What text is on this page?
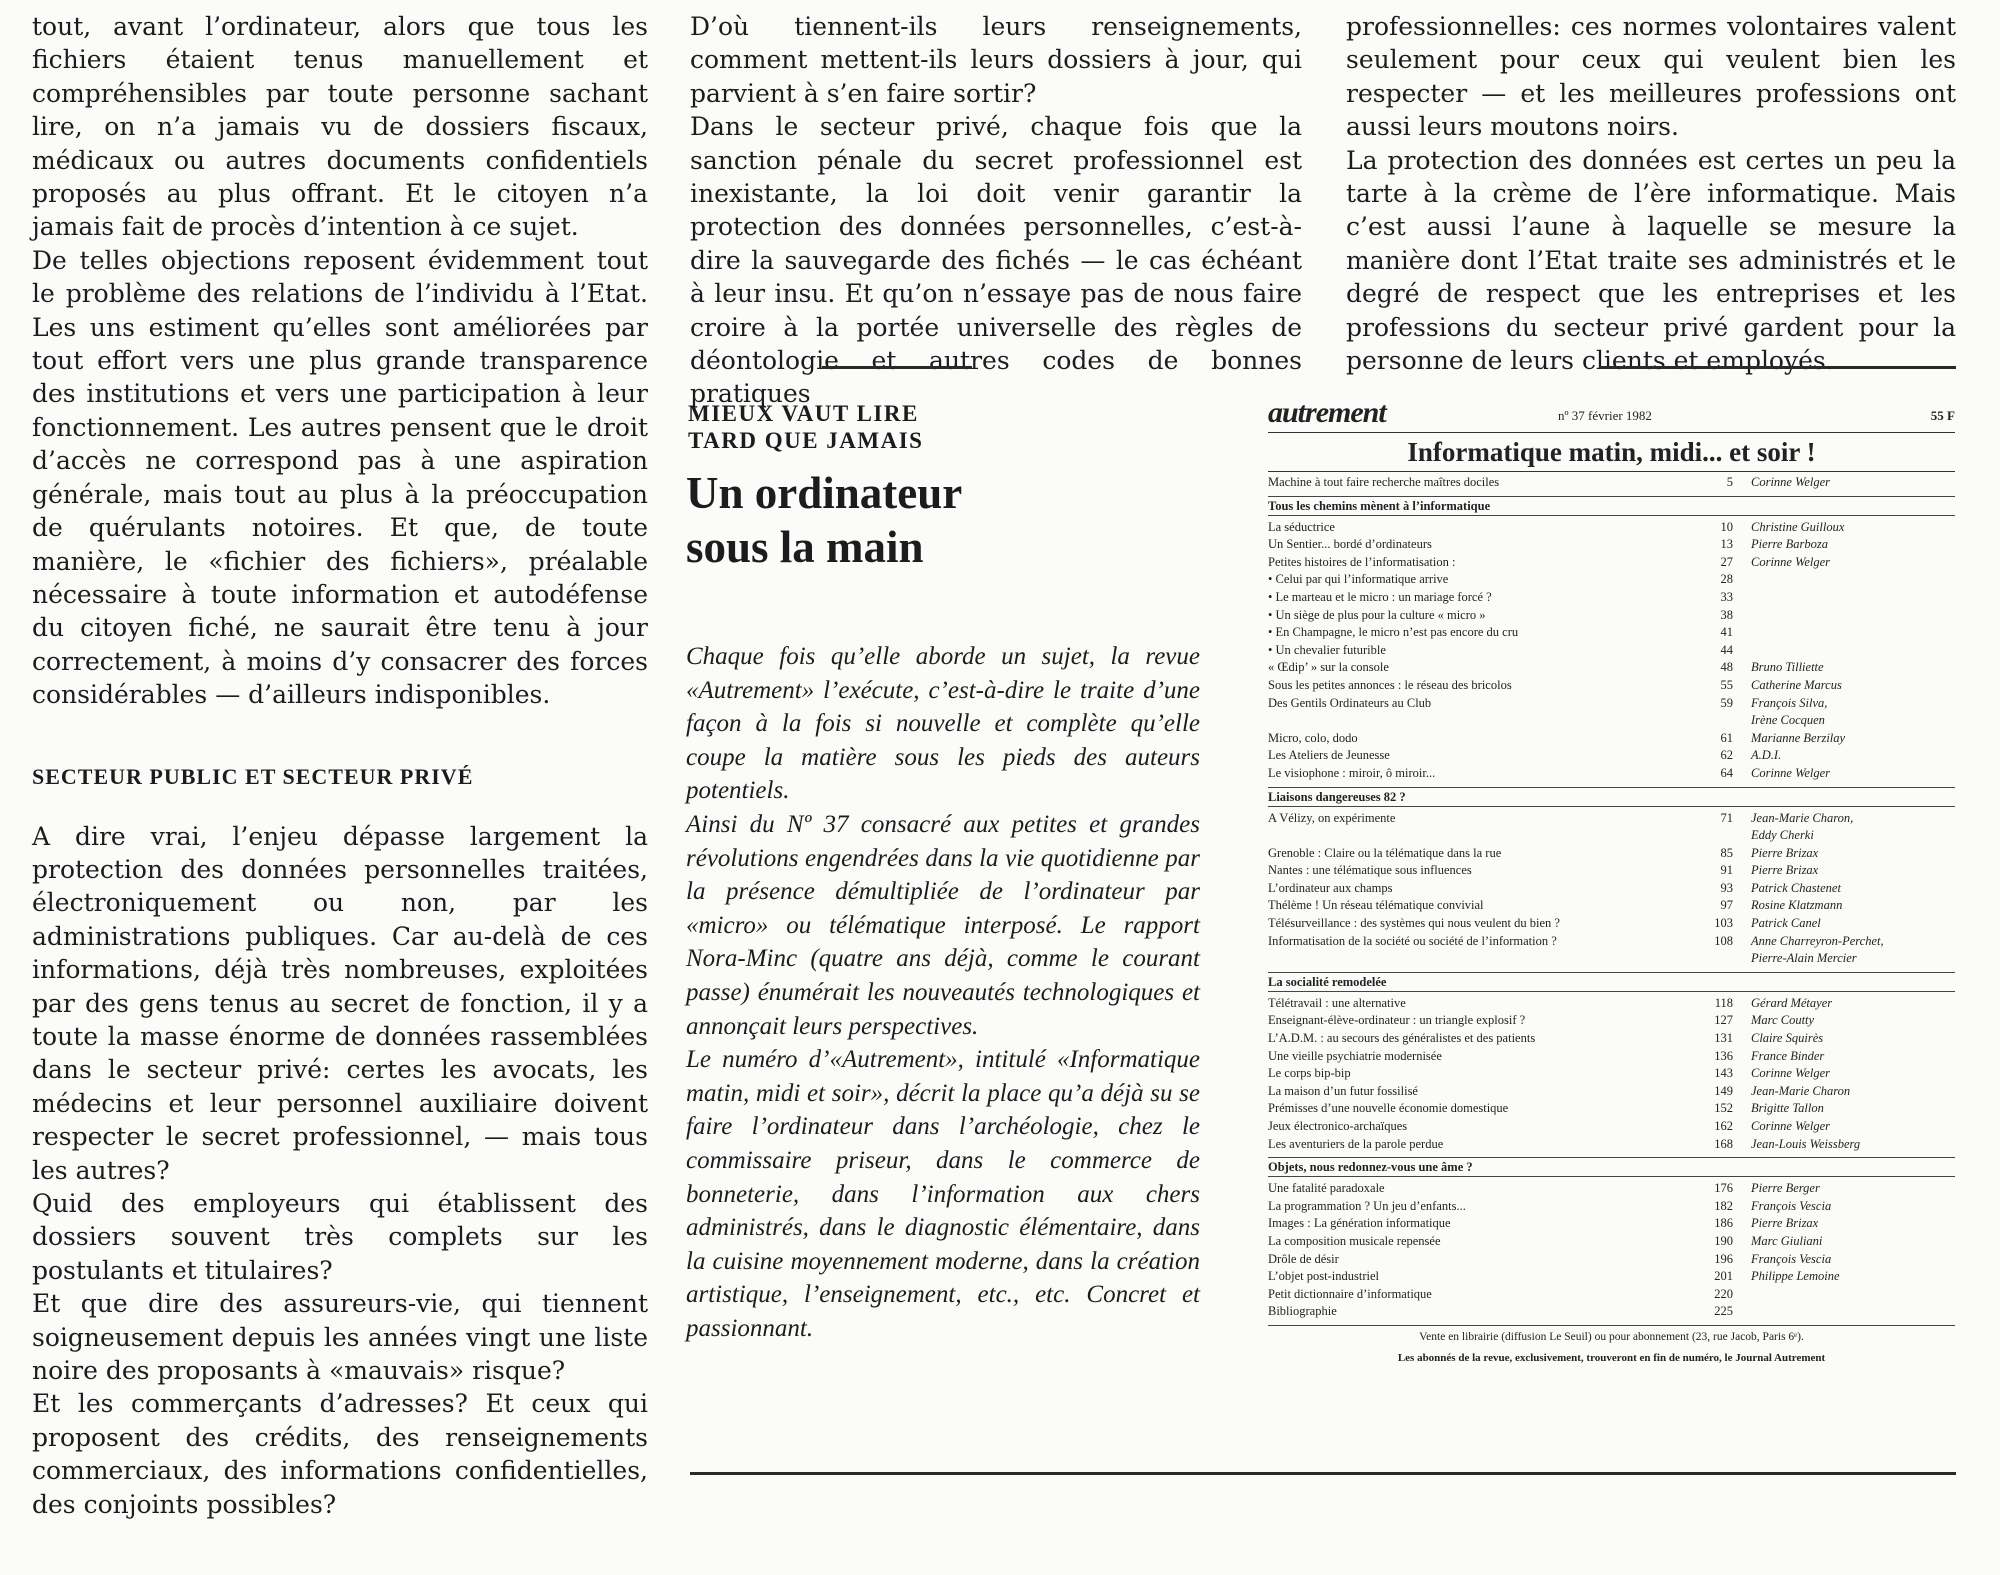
tout, avant l’ordinateur, alors que tous les fichiers étaient tenus manuellement et compréhensibles par toute personne sachant lire, on n’a jamais vu de dossiers fiscaux, médicaux ou autres documents confidentiels proposés au plus offrant. Et le citoyen n’a jamais fait de procès d’intention à ce sujet.

De telles objections reposent évidemment tout le problème des relations de l’individu à l’Etat. Les uns estiment qu’elles sont améliorées par tout effort vers une plus grande transparence des institutions et vers une participation à leur fonctionnement. Les autres pensent que le droit d’accès ne correspond pas à une aspiration générale, mais tout au plus à la préoccupation de quérulants notoires. Et que, de toute manière, le «fichier des fichiers», préalable nécessaire à toute information et autodéfense du citoyen fiché, ne saurait être tenu à jour correctement, à moins d’y consacrer des forces considérables — d’ailleurs indisponibles.

SECTEUR PUBLIC ET SECTEUR PRIVÉ

A dire vrai, l’enjeu dépasse largement la protection des données personnelles traitées, électroniquement ou non, par les administrations publiques. Car au-delà de ces informations, déjà très nombreuses, exploitées par des gens tenus au secret de fonction, il y a toute la masse énorme de données rassemblées dans le secteur privé: certes les avocats, les médecins et leur personnel auxiliaire doivent respecter le secret professionnel, — mais tous les autres?

Quid des employeurs qui établissent des dossiers souvent très complets sur les postulants et titulaires?

Et que dire des assureurs-vie, qui tiennent soigneusement depuis les années vingt une liste noire des proposants à «mauvais» risque?

Et les commerçants d’adresses? Et ceux qui proposent des crédits, des renseignements commerciaux, des informations confidentielles, des conjoints possibles?

D’où tiennent-ils leurs renseignements, comment mettent-ils leurs dossiers à jour, qui parvient à s’en faire sortir?

Dans le secteur privé, chaque fois que la sanction pénale du secret professionnel est inexistante, la loi doit venir garantir la protection des données personnelles, c’est-à-dire la sauvegarde des fichés — le cas échéant à leur insu. Et qu’on n’essaye pas de nous faire croire à la portée universelle des règles de déontologie et autres codes de bonnes pratiques

professionnelles: ces normes volontaires valent seulement pour ceux qui veulent bien les respecter — et les meilleures professions ont aussi leurs moutons noirs.

La protection des données est certes un peu la tarte à la crème de l’ère informatique. Mais c’est aussi l’aune à laquelle se mesure la manière dont l’Etat traite ses administrés et le degré de respect que les entreprises et les professions du secteur privé gardent pour la personne de leurs clients et employés.

MIEUX VAUT LIRE
TARD QUE JAMAIS
Un ordinateur
sous la main

Chaque fois qu’elle aborde un sujet, la revue «Autrement» l’exécute, c’est-à-dire le traite d’une façon à la fois si nouvelle et complète qu’elle coupe la matière sous les pieds des auteurs potentiels.

Ainsi du Nº 37 consacré aux petites et grandes révolutions engendrées dans la vie quotidienne par la présence démultipliée de l’ordinateur par «micro» ou télématique interposé. Le rapport Nora-Minc (quatre ans déjà, comme le courant passe) énumérait les nouveautés technologiques et annonçait leurs perspectives.

Le numéro d’«Autrement», intitulé «Informatique matin, midi et soir», décrit la place qu’a déjà su se faire l’ordinateur dans l’archéologie, chez le commissaire priseur, dans le commerce de bonneterie, dans l’information aux chers administrés, dans le diagnostic élémentaire, dans la cuisine moyennement moderne, dans la création artistique, l’enseignement, etc., etc. Concret et passionnant.

autrement	nº 37 février 1982	55 F
Informatique matin, midi... et soir !
Machine à tout faire recherche maîtres dociles	5	Corinne Welger
Tous les chemins mènent à l’informatique
La séductrice	10	Christine Guilloux
Un Sentier... bordé d’ordinateurs	13	Pierre Barboza
Petites histoires de l’informatisation :	27	Corinne Welger
• Celui par qui l’informatique arrive	28
• Le marteau et le micro : un mariage forcé ?	33
• Un siège de plus pour la culture « micro »	38
• En Champagne, le micro n’est pas encore du cru	41
• Un chevalier futurible	44
« Œdip’ » sur la console	48	Bruno Tilliette
Sous les petites annonces : le réseau des bricolos	55	Catherine Marcus
Des Gentils Ordinateurs au Club	59	François Silva,
Irène Cocquen
Micro, colo, dodo	61	Marianne Berzilay
Les Ateliers de Jeunesse	62	A.D.I.
Le visiophone : miroir, ô miroir...	64	Corinne Welger
Liaisons dangereuses 82 ?
A Vélizy, on expérimente	71	Jean-Marie Charon,
Eddy Cherki
Grenoble : Claire ou la télématique dans la rue	85	Pierre Brizax
Nantes : une télématique sous influences	91	Pierre Brizax
L’ordinateur aux champs	93	Patrick Chastenet
Thélème ! Un réseau télématique convivial	97	Rosine Klatzmann
Télésurveillance : des systèmes qui nous veulent du bien ?	103	Patrick Canel
Informatisation de la société ou société de l’information ?	108	Anne Charreyron-Perchet,
Pierre-Alain Mercier
La socialité remodelée
Télétravail : une alternative	118	Gérard Métayer
Enseignant-élève-ordinateur : un triangle explosif ?	127	Marc Coutty
L’A.D.M. : au secours des généralistes et des patients	131	Claire Squirès
Une vieille psychiatrie modernisée	136	France Binder
Le corps bip-bip	143	Corinne Welger
La maison d’un futur fossilisé	149	Jean-Marie Charon
Prémisses d’une nouvelle économie domestique	152	Brigitte Tallon
Jeux électronico-archaïques	162	Corinne Welger
Les aventuriers de la parole perdue	168	Jean-Louis Weissberg
Objets, nous redonnez-vous une âme ?
Une fatalité paradoxale	176	Pierre Berger
La programmation ? Un jeu d’enfants...	182	François Vescia
Images : La génération informatique	186	Pierre Brizax
La composition musicale repensée	190	Marc Giuliani
Drôle de désir	196	François Vescia
L’objet post-industriel	201	Philippe Lemoine
Petit dictionnaire d’informatique	220
Bibliographie	225
Vente en librairie (diffusion Le Seuil) ou pour abonnement (23, rue Jacob, Paris 6ᵉ).
Les abonnés de la revue, exclusivement, trouveront en fin de numéro, le Journal Autrement
